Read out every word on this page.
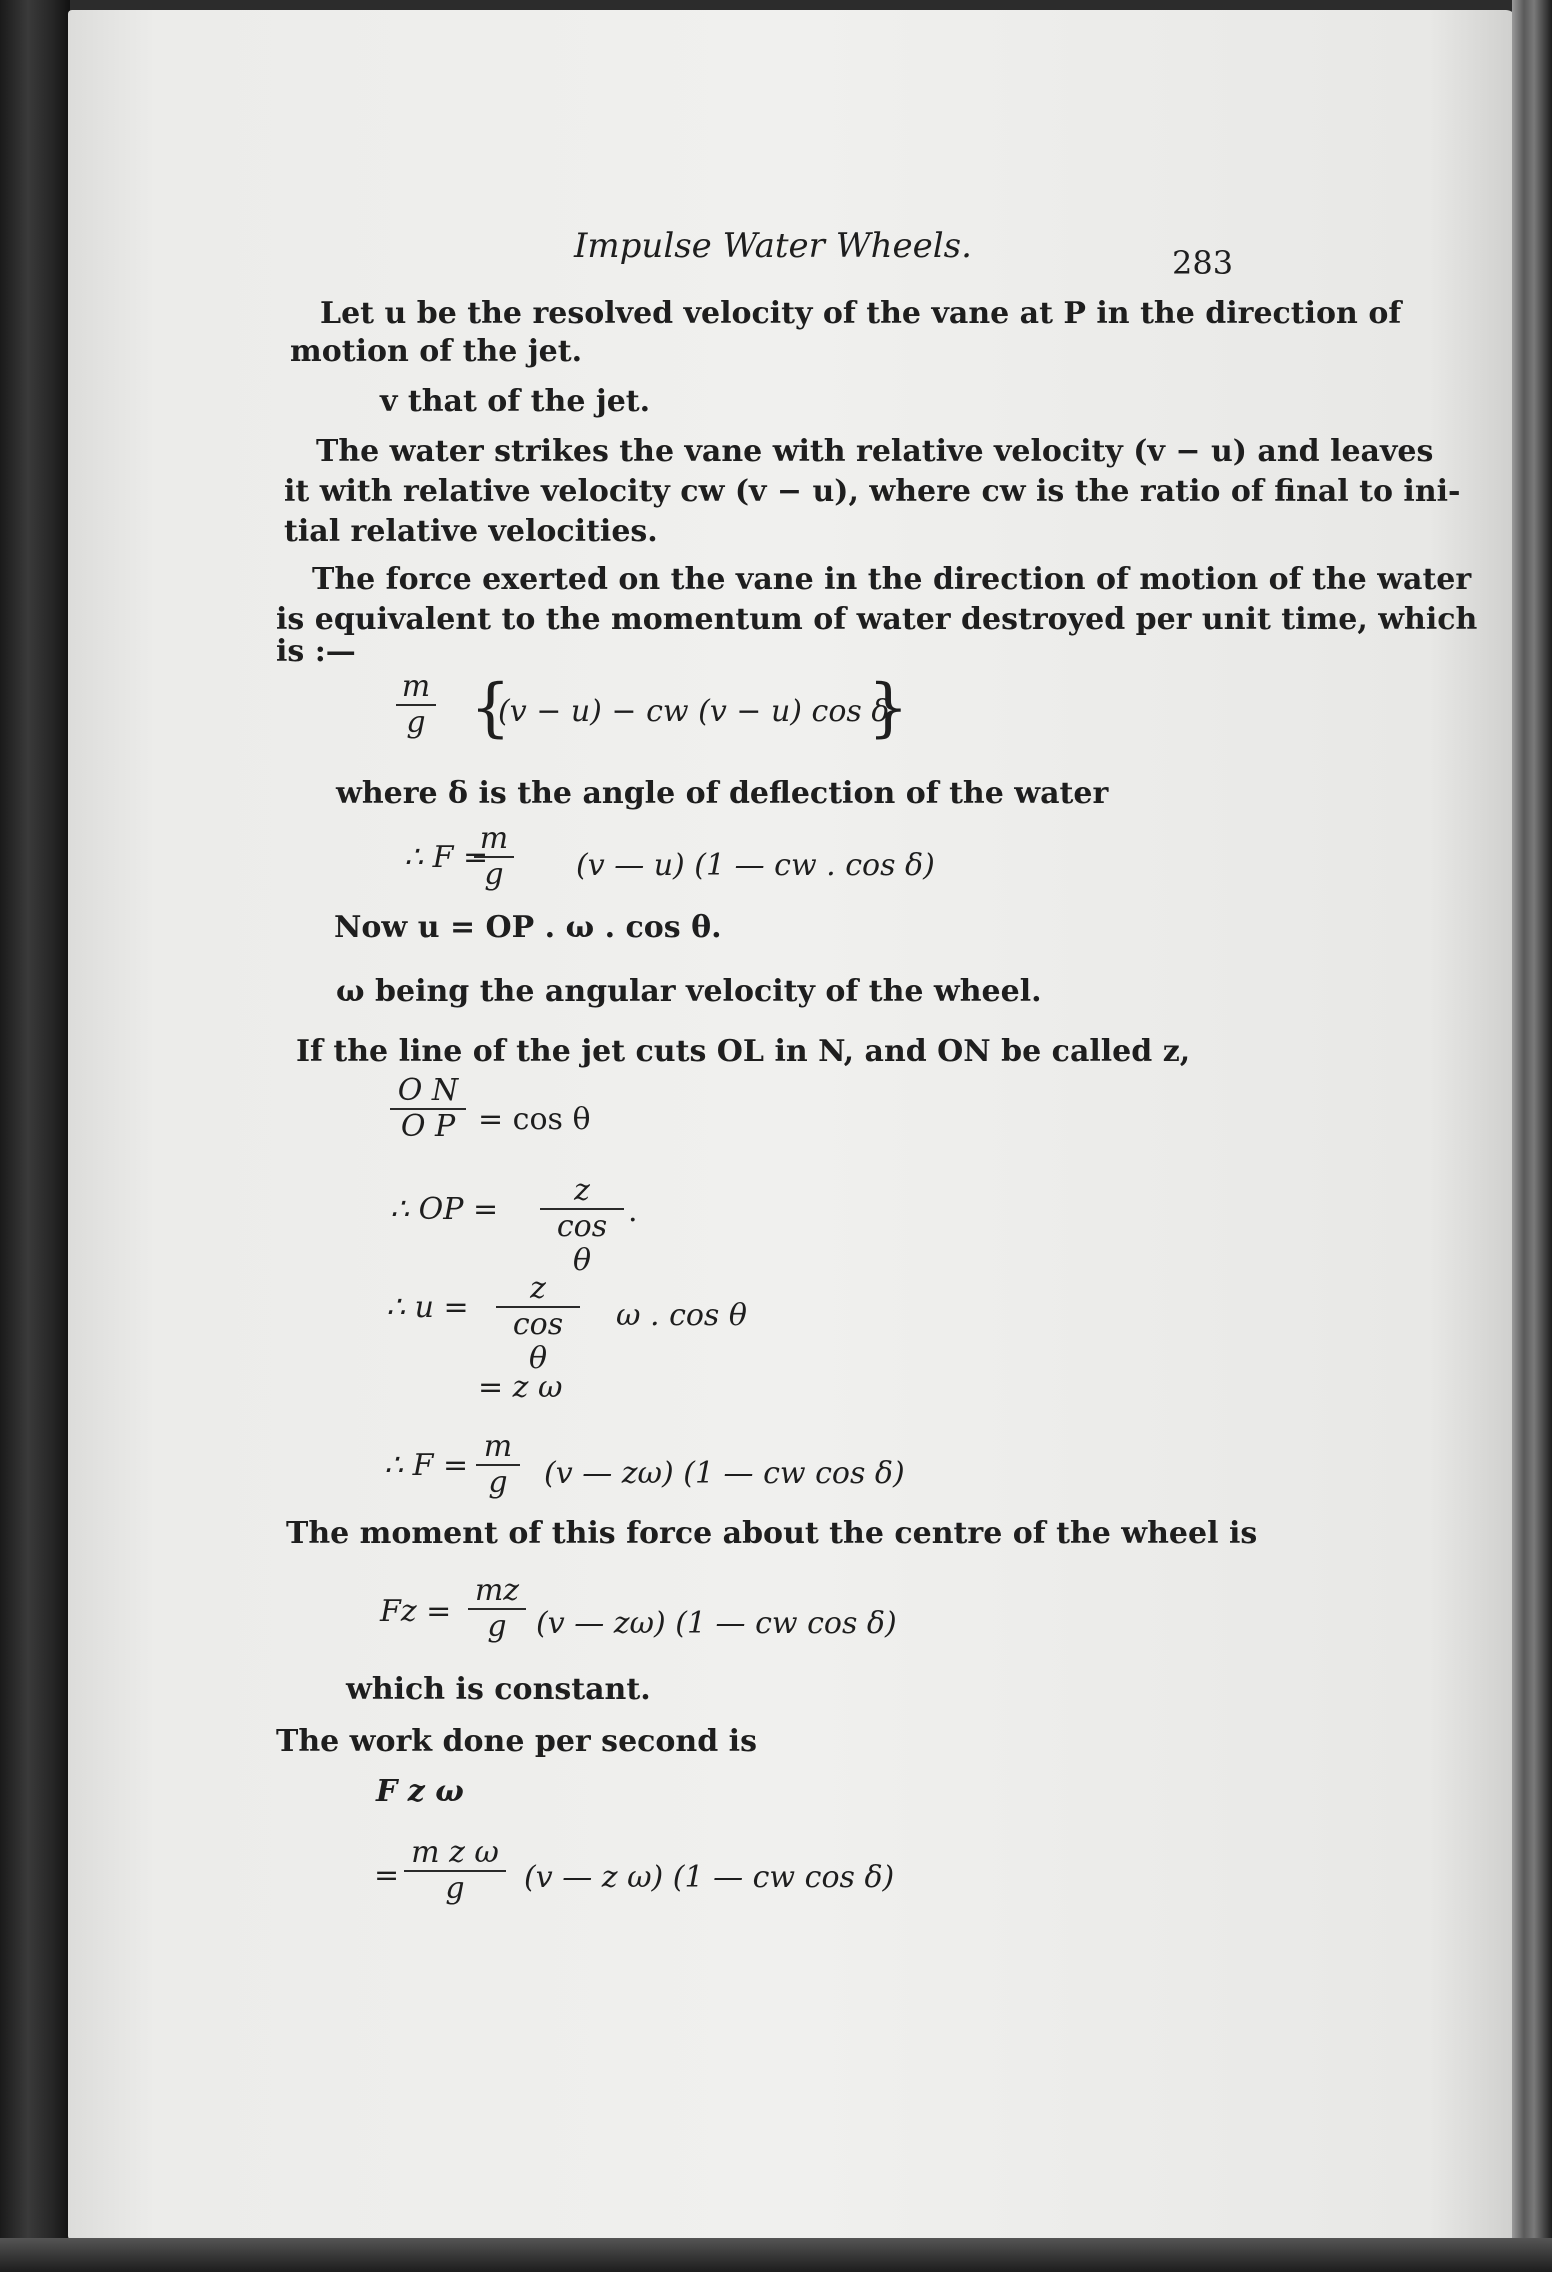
Impulse Water Wheels.	283
Let u be the resolved velocity of the vane at P in the direction of
motion of the jet.
v that of the jet.
The water strikes the vane with relative velocity (v − u) and leaves
it with relative velocity cw (v − u), where cw is the ratio of final to ini-
tial relative velocities.
The force exerted on the vane in the direction of motion of the water
is equivalent to the momentum of water destroyed per unit time, which
is :—
$\frac{m}{g}$ {
(v − u) − cw (v − u) cos δ
}
where δ is the angle of deflection of the water
∴ F =
$\frac{m}{g} (v$ — u) (1 — cw . cos δ)
Now u = OP . ω . cos θ.
ω being the angular velocity of the wheel.
If the line of the jet cuts OL in N, and ON be called z,
$\frac{\text{O N}}{\text{O P}} = \cos \theta$
∴ OP = $\frac{z}{\text{cos θ}}$ .
∴ $u = \frac{z}{\text{cos θ}}$ ω . cos θ
= z ω
∴ $F = \frac{m}{g} (v$ — zω) (1 — cw cos δ)
The moment of this force about the centre of the wheel is
$Fz = \frac{mz}{g} (v$ — zω) (1 — cw cos δ)
which is constant.
The work done per second is
F z ω
= $\frac{\text{m z ω}}{g} (v$ — z ω) (1 — cw cos δ)
